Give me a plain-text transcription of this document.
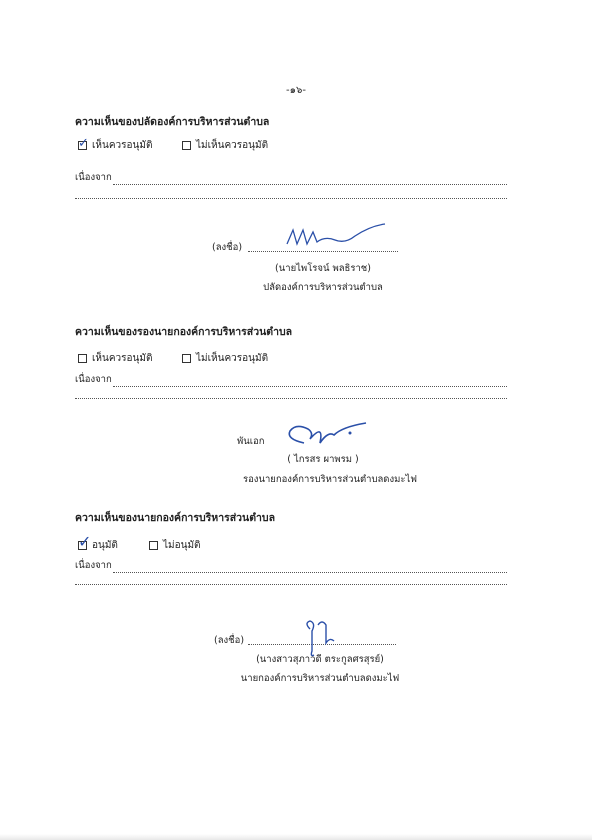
-๑๖-
ความเห็นของปลัดองค์การบริหารส่วนตำบล
✓ เห็นควรอนุมัติ	ไม่เห็นควรอนุมัติ
เนื่องจาก
(ลงชื่อ)
(นายไพโรจน์ พลธิราช)
ปลัดองค์การบริหารส่วนตำบล
ความเห็นของรองนายกองค์การบริหารส่วนตำบล
เห็นควรอนุมัติ	ไม่เห็นควรอนุมัติ
เนื่องจาก
พันเอก
( ไกรสร ผาพรม )
รองนายกองค์การบริหารส่วนตำบลดงมะไฟ
ความเห็นของนายกองค์การบริหารส่วนตำบล
✓ อนุมัติ	ไม่อนุมัติ
เนื่องจาก
(ลงชื่อ)
(นางสาวสุภาวดี ตระกูลศรสุรย์)
นายกองค์การบริหารส่วนตำบลดงมะไฟ
